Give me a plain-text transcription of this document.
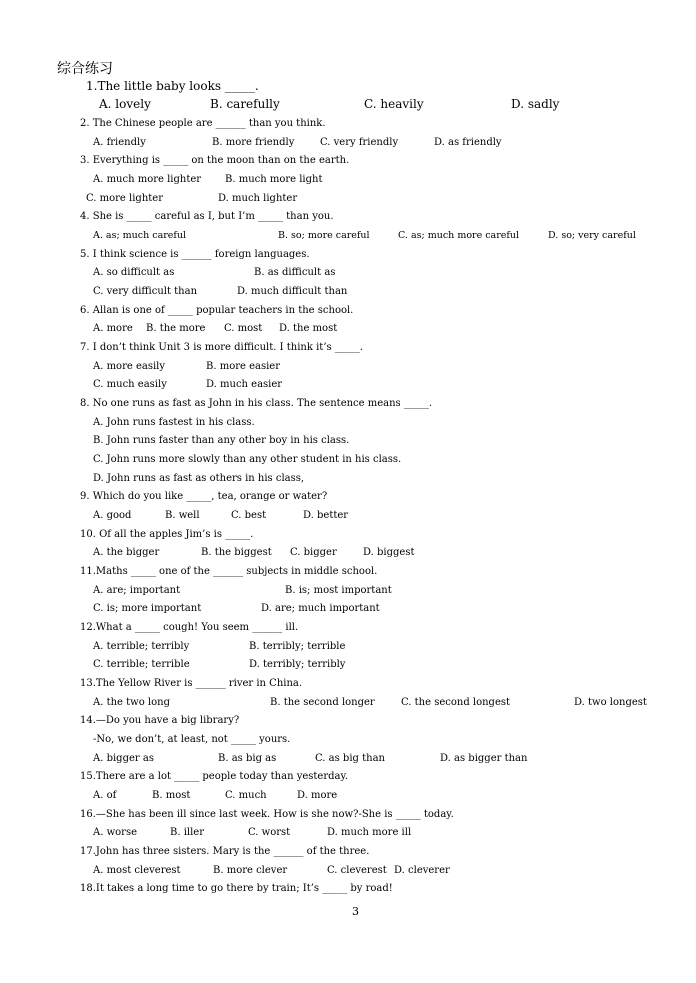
综合练习
1.The little baby looks _____.
A. lovely	B. carefully	C. heavily	D. sadly
2. The Chinese people are ______ than you think.
A. friendly	B. more friendly	C. very friendly	D. as friendly
3. Everything is _____ on the moon than on the earth.
A. much more lighter B. much more light
C. more lighter	D. much lighter
4. She is _____ careful as I, but I’m _____ than you.
A. as; much careful	B. so; more careful	C. as; much more careful	D. so; very careful
5. I think science is ______ foreign languages.
A. so difficult as	B. as difficult as
C. very difficult than	D. much difficult than
6. Allan is one of _____ popular teachers in the school.
A. more B. the more C. most D. the most
7. I don’t think Unit 3 is more difficult. I think it’s _____.
A. more easily	B. more easier
C. much easily	D. much easier
8. No one runs as fast as John in his class. The sentence means _____.
A. John runs fastest in his class.
B. John runs faster than any other boy in his class.
C. John runs more slowly than any other student in his class.
D. John runs as fast as others in his class,
9. Which do you like _____, tea, orange or water?
A. good	B. well	C. best	D. better
10. Of all the apples Jim’s is _____.
A. the bigger	B. the biggest C. bigger	D. biggest
11.Maths _____ one of the ______ subjects in middle school.
A. are; important	B. is; most important
C. is; more important	D. are; much important
12.What a _____ cough! You seem ______ ill.
A. terrible; terribly	B. terribly; terrible
C. terrible; terrible	D. terribly; terribly
13.The Yellow River is ______ river in China.
A. the two long	B. the second longer	C. the second longest	D. two longest
14.—Do you have a big library?
-No, we don’t, at least, not _____ yours.
A. bigger as	B. as big as	C. as big than	D. as bigger than
15.There are a lot _____ people today than yesterday.
A. of	B. most	C. much	D. more
16.—She has been ill since last week. How is she now?-She is _____ today.
A. worse	B. iller	C. worst	D. much more ill
17.John has three sisters. Mary is the ______ of the three.
A. most cleverest	B. more clever	C. cleverest D. cleverer
18.It takes a long time to go there by train; It’s _____ by road!
3
